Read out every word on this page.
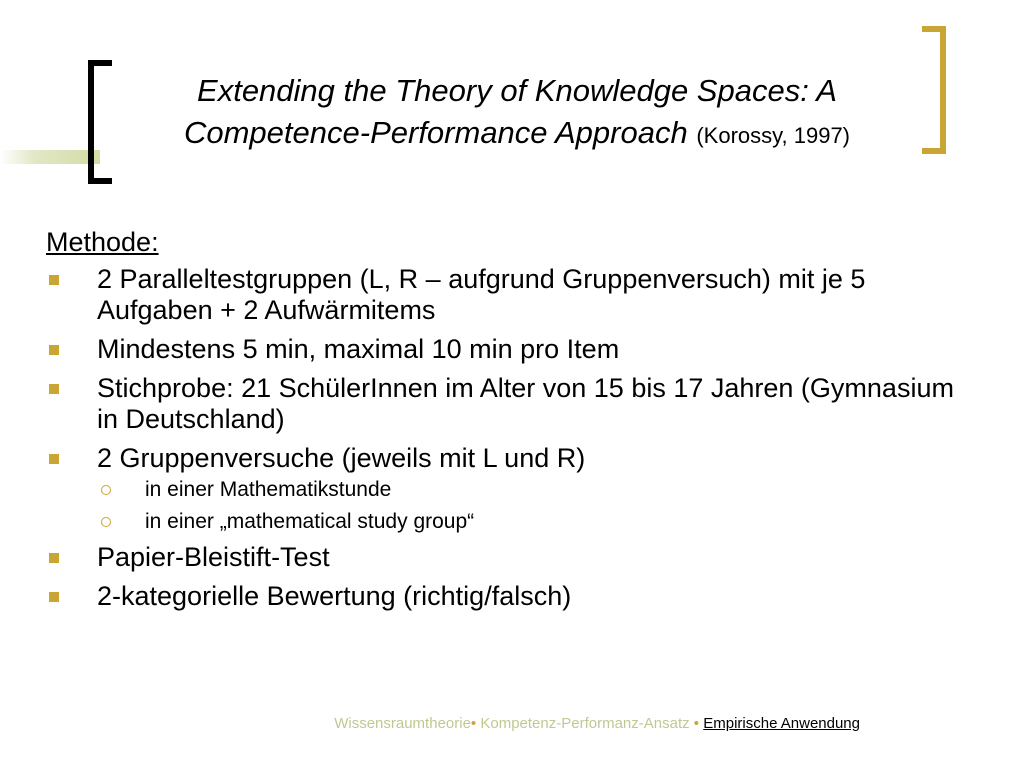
Extending the Theory of Knowledge Spaces: A
Competence-Performance Approach (Korossy, 1997)
Methode:
2 Paralleltestgruppen (L, R – aufgrund Gruppenversuch) mit je 5 Aufgaben + 2 Aufwärmitems
Mindestens 5 min, maximal 10 min pro Item
Stichprobe: 21 SchülerInnen im Alter von 15 bis 17 Jahren (Gymnasium in Deutschland)
2 Gruppenversuche (jeweils mit L und R)
in einer Mathematikstunde
in einer „mathematical study group“
Papier-Bleistift-Test
2-kategorielle Bewertung (richtig/falsch)
Wissensraumtheorie• Kompetenz-Performanz-Ansatz • Empirische Anwendung
